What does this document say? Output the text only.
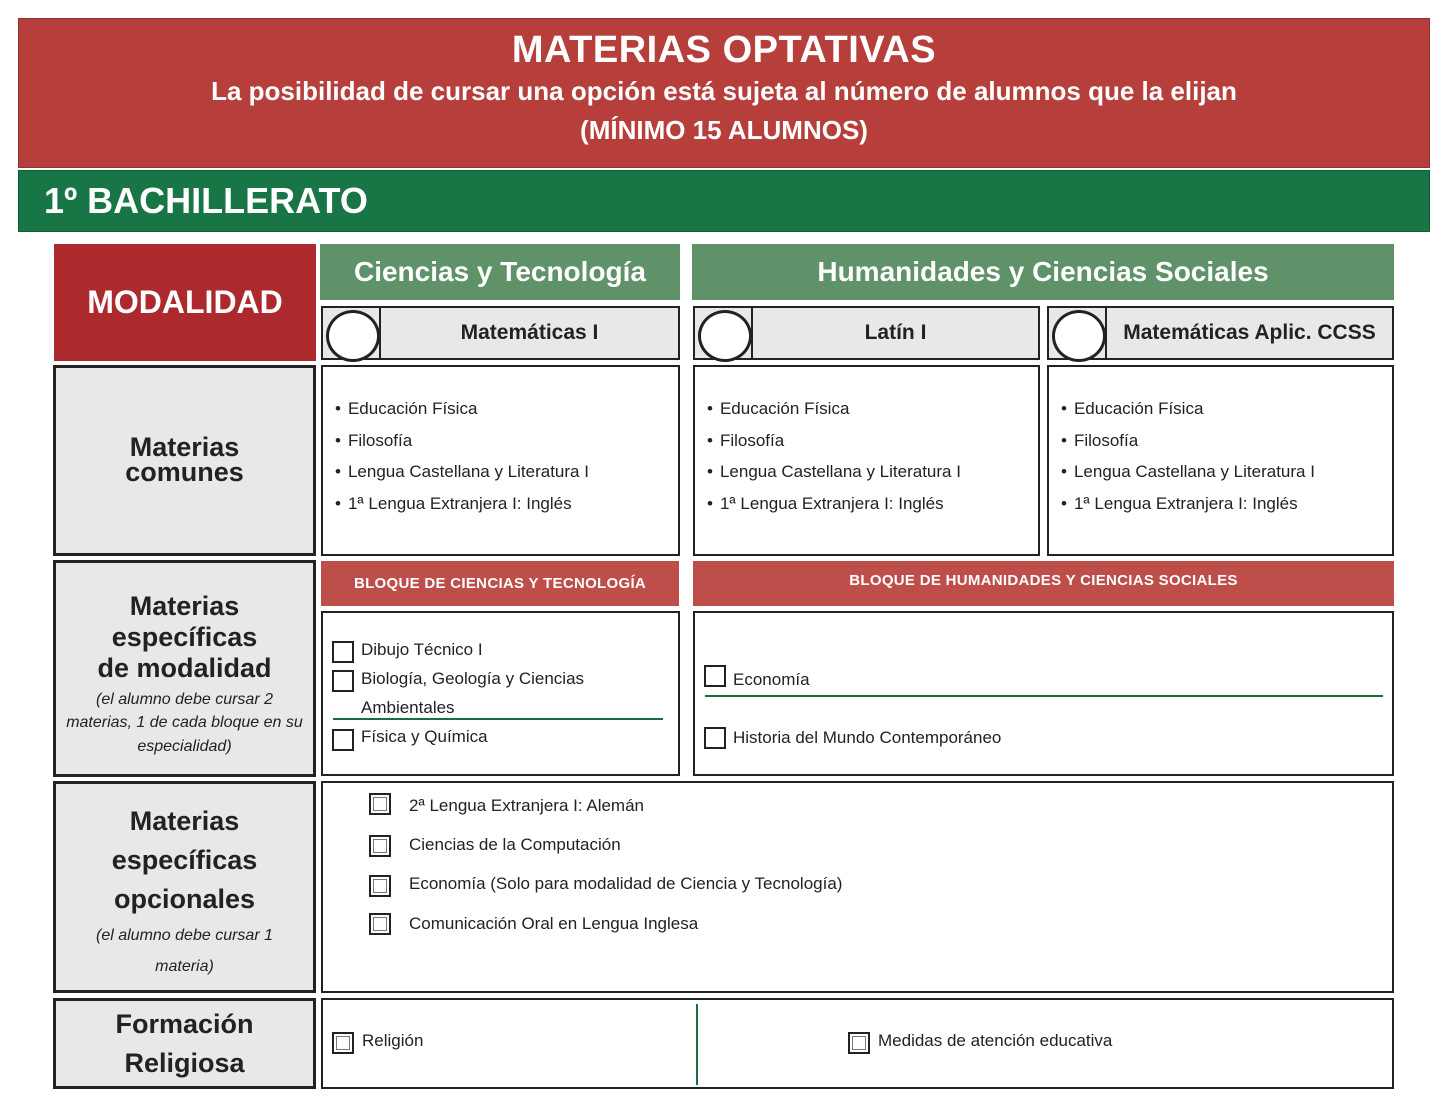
MATERIAS OPTATIVAS
La posibilidad de cursar una opción está sujeta al número de alumnos que la elijan
(MÍNIMO 15 ALUMNOS)
1º BACHILLERATO
MODALIDAD
Ciencias y Tecnología	Humanidades y Ciencias Sociales
Matemáticas I	Latín I	Matemáticas Aplic. CCSS
Materias
comunes
• Educación Física
• Filosofía
• Lengua Castellana y Literatura I
• 1ª Lengua Extranjera I: Inglés
• Educación Física
• Filosofía
• Lengua Castellana y Literatura I
• 1ª Lengua Extranjera I: Inglés
• Educación Física
• Filosofía
• Lengua Castellana y Literatura I
• 1ª Lengua Extranjera I: Inglés
Materias
específicas
de modalidad
(el alumno debe cursar 2
materias, 1 de cada bloque en su
especialidad)
BLOQUE DE CIENCIAS Y TECNOLOGÍA	BLOQUE DE HUMANIDADES Y CIENCIAS SOCIALES
Dibujo Técnico I
Biología, Geología y Ciencias
Ambientales
Física y Química
Economía
Historia del Mundo Contemporáneo
Materias
específicas
opcionales
(el alumno debe cursar 1
materia)
2ª Lengua Extranjera I: Alemán
Ciencias de la Computación
Economía (Solo para modalidad de Ciencia y Tecnología)
Comunicación Oral en Lengua Inglesa
Formación
Religiosa
Religión	Medidas de atención educativa
